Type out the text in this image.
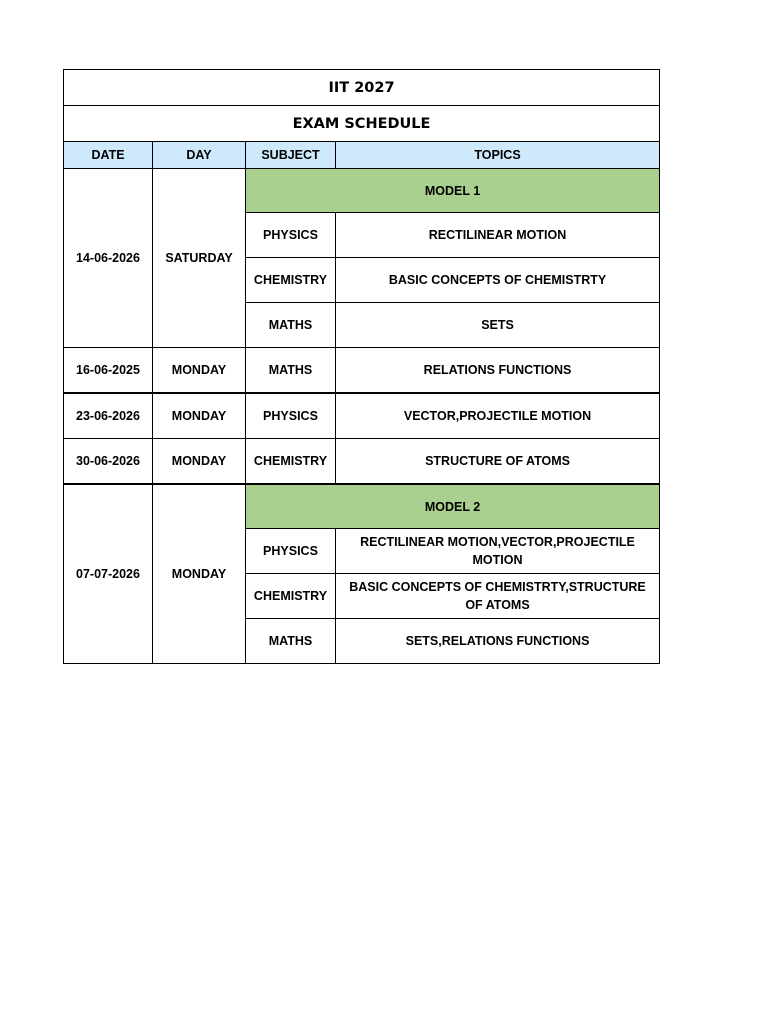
IIT 2027			
EXAM SCHEDULE			
DATE	DAY	SUBJECT	TOPICS
14-06-2026	SATURDAY	MODEL 1	
		PHYSICS	RECTILINEAR MOTION
		CHEMISTRY	BASIC CONCEPTS OF CHEMISTRTY
		MATHS	SETS
16-06-2025	MONDAY	MATHS	RELATIONS FUNCTIONS
23-06-2026	MONDAY	PHYSICS	VECTOR,PROJECTILE MOTION
30-06-2026	MONDAY	CHEMISTRY	STRUCTURE OF ATOMS
07-07-2026	MONDAY	MODEL 2	
		PHYSICS	RECTILINEAR MOTION,VECTOR,PROJECTILE MOTION
		CHEMISTRY	BASIC CONCEPTS OF CHEMISTRTY,STRUCTURE OF ATOMS
		MATHS	SETS,RELATIONS FUNCTIONS
